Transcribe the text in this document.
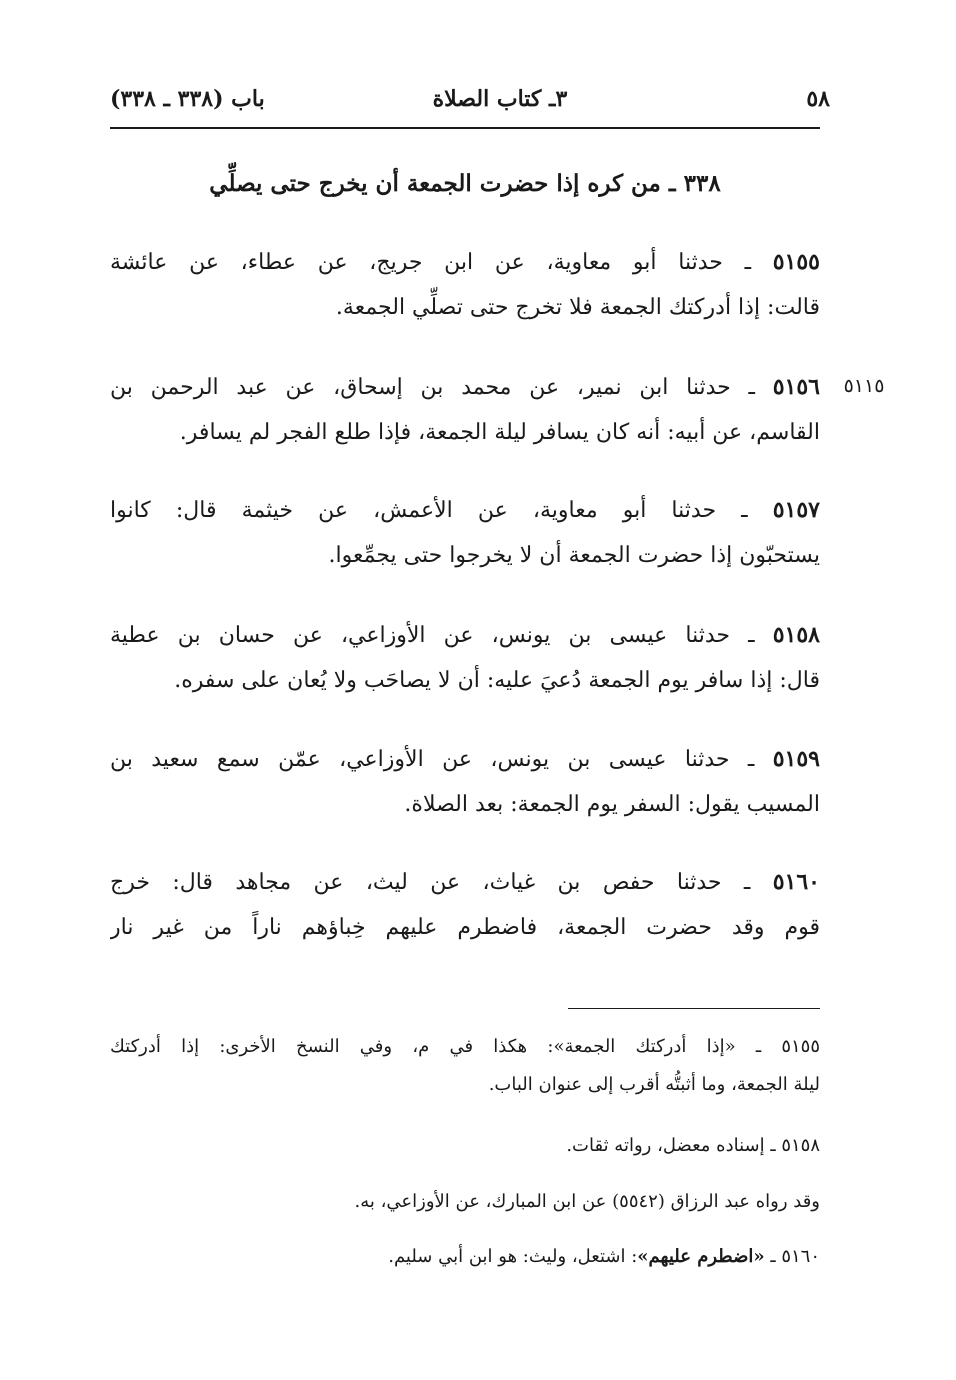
٥٨
٣ـ كتاب الصلاة
باب (٣٣٨ ـ ٣٣٨)
٣٣٨ ـ من كره إذا حضرت الجمعة أن يخرج حتى يصلِّي
٥١١٥
٥١٥٥ ـ حدثنا أبو معاوية، عن ابن جريج، عن عطاء، عن عائشة
قالت: إذا أدركتك الجمعة فلا تخرج حتى تصلِّي الجمعة.
٥١٥٦ ـ حدثنا ابن نمير، عن محمد بن إسحاق، عن عبد الرحمن بن
القاسم، عن أبيه: أنه كان يسافر ليلة الجمعة، فإذا طلع الفجر لم يسافر.
٥١٥٧ ـ حدثنا أبو معاوية، عن الأعمش، عن خيثمة قال: كانوا
يستحبّون إذا حضرت الجمعة أن لا يخرجوا حتى يجمِّعوا.
٥١٥٨ ـ حدثنا عيسى بن يونس، عن الأوزاعي، عن حسان بن عطية
قال: إذا سافر يوم الجمعة دُعيَ عليه: أن لا يصاحَب ولا يُعان على سفره.
٥١٥٩ ـ حدثنا عيسى بن يونس، عن الأوزاعي، عمّن سمع سعيد بن
المسيب يقول: السفر يوم الجمعة: بعد الصلاة.
٥١٦٠ ـ حدثنا حفص بن غياث، عن ليث، عن مجاهد قال: خرج
قوم وقد حضرت الجمعة، فاضطرم عليهم خِباؤهم ناراً من غير نار
٥١٥٥ ـ «إذا أدركتك الجمعة»: هكذا في م، وفي النسخ الأخرى: إذا أدركتك
ليلة الجمعة، وما أثبتُّه أقرب إلى عنوان الباب.
٥١٥٨ ـ إسناده معضل، رواته ثقات.
وقد رواه عبد الرزاق (٥٥٤٢) عن ابن المبارك، عن الأوزاعي، به.
٥١٦٠ ـ «اضطرم عليهم»: اشتعل، وليث: هو ابن أبي سليم.
